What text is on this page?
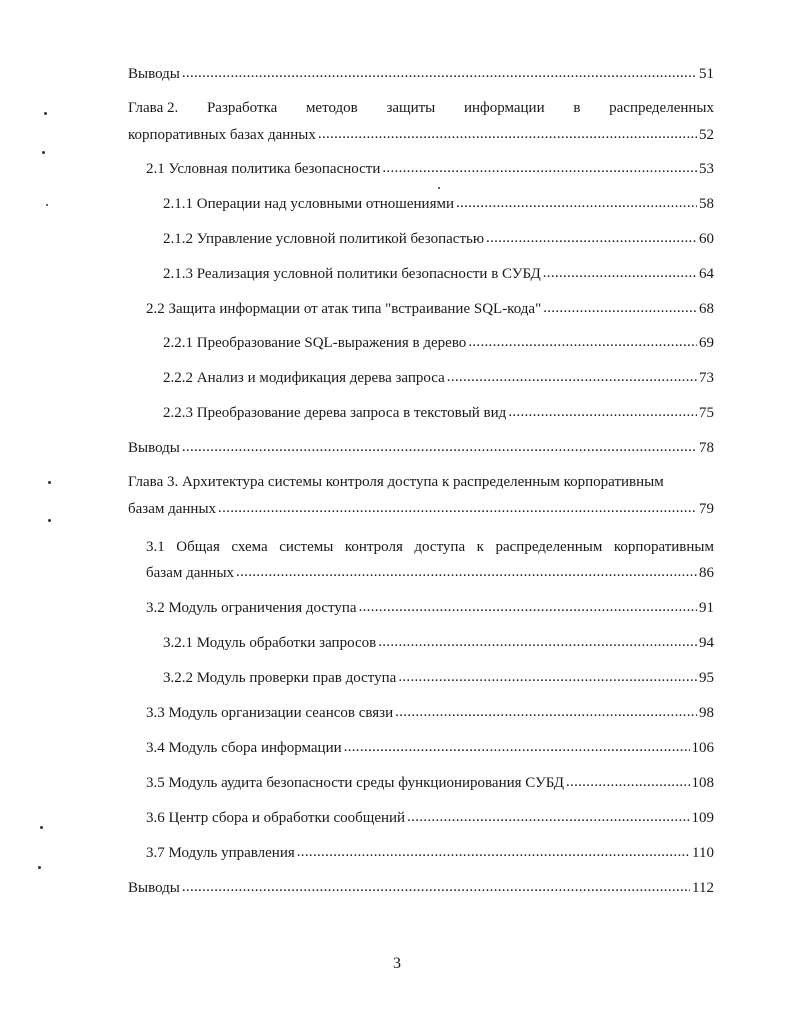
Выводы .....	51
Глава 2. Разработка методов защиты информации в распределенных
корпоративных базах данных .....	52
2.1 Условная политика безопасности .....	53
2.1.1 Операции над условными отношениями .....	58
2.1.2 Управление условной политикой безопастью .....	60
2.1.3 Реализация условной политики безопасности в СУБД .....	64
2.2 Защита информации от атак типа "встраивание SQL-кода" .....	68
2.2.1 Преобразование SQL-выражения в дерево .....	69
2.2.2 Анализ и модификация дерева запроса .....	73
2.2.3 Преобразование дерева запроса в текстовый вид .....	75
Выводы .....	78
Глава 3. Архитектура системы контроля доступа к распределенным корпоративным
базам данных .....	79
3.1 Общая схема системы контроля доступа к распределенным корпоративным
базам данных .....	86
3.2 Модуль ограничения доступа .....	91
3.2.1 Модуль обработки запросов .....	94
3.2.2 Модуль проверки прав доступа .....	95
3.3 Модуль организации сеансов связи .....	98
3.4 Модуль сбора информации .....	106
3.5 Модуль аудита безопасности среды функционирования СУБД .....	108
3.6 Центр сбора и обработки сообщений .....	109
3.7 Модуль управления .....	110
Выводы .....	112
3
